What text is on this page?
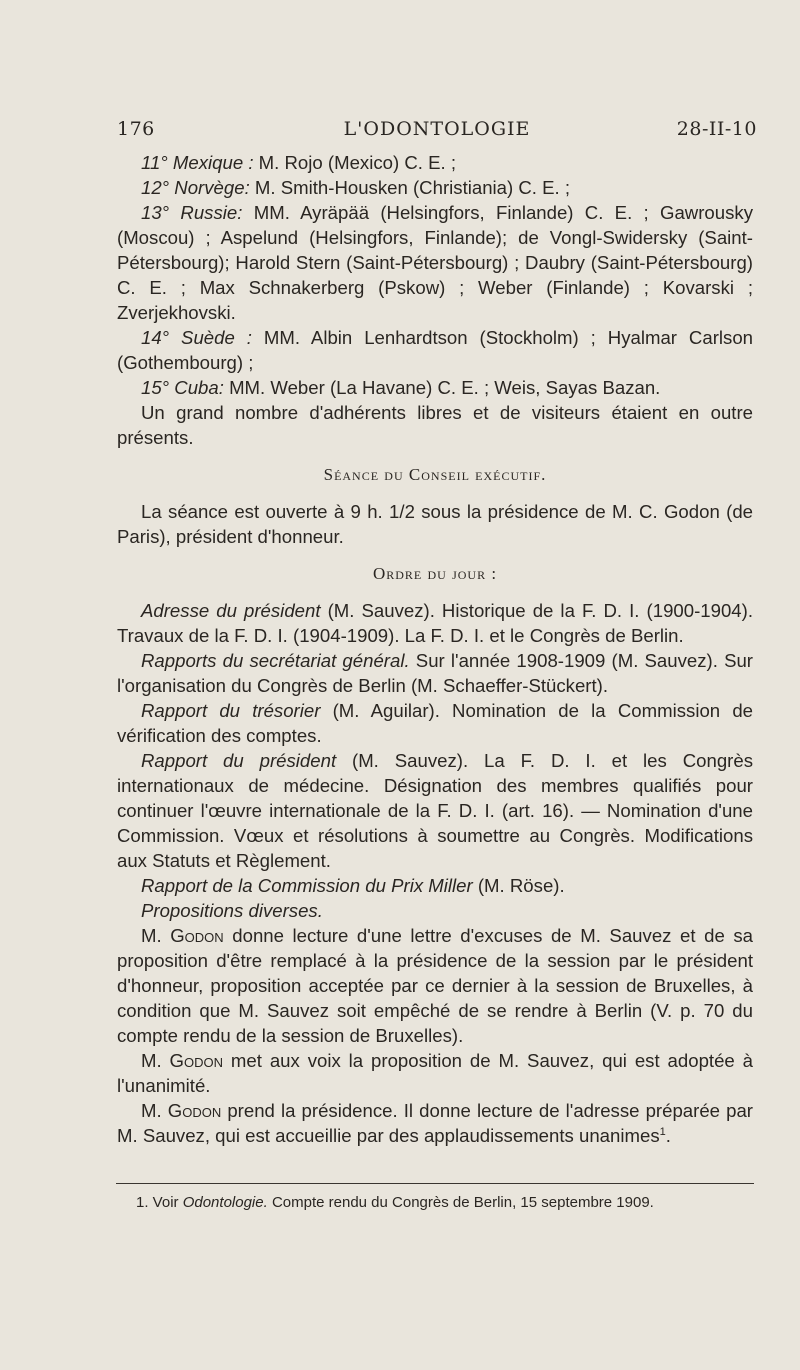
176	L'ODONTOLOGIE	28-II-10

11° Mexique : M. Rojo (Mexico) C. E. ;

12° Norvège: M. Smith-Housken (Christiania) C. E. ;

13° Russie: MM. Ayräpää (Helsingfors, Finlande) C. E. ; Gawrousky (Moscou) ; Aspelund (Helsingfors, Finlande); de Vongl-Swidersky (Saint-Pétersbourg); Harold Stern (Saint-Pétersbourg) ; Daubry (Saint-Pétersbourg) C. E. ; Max Schnakerberg (Pskow) ; Weber (Finlande) ; Kovarski ; Zverjekhovski.

14° Suède : MM. Albin Lenhardtson (Stockholm) ; Hyalmar Carlson (Gothembourg) ;

15° Cuba: MM. Weber (La Havane) C. E. ; Weis, Sayas Bazan.

Un grand nombre d'adhérents libres et de visiteurs étaient en outre présents.

Séance du Conseil exécutif.

La séance est ouverte à 9 h. 1/2 sous la présidence de M. C. Godon (de Paris), président d'honneur.

Ordre du jour :

Adresse du président (M. Sauvez). Historique de la F. D. I. (1900-1904). Travaux de la F. D. I. (1904-1909). La F. D. I. et le Congrès de Berlin.

Rapports du secrétariat général. Sur l'année 1908-1909 (M. Sauvez). Sur l'organisation du Congrès de Berlin (M. Schaeffer-Stückert).

Rapport du trésorier (M. Aguilar). Nomination de la Commission de vérification des comptes.

Rapport du président (M. Sauvez). La F. D. I. et les Congrès internationaux de médecine. Désignation des membres qualifiés pour continuer l'œuvre internationale de la F. D. I. (art. 16). — Nomination d'une Commission. Vœux et résolutions à soumettre au Congrès. Modifications aux Statuts et Règlement.

Rapport de la Commission du Prix Miller (M. Röse).

Propositions diverses.

M. Godon donne lecture d'une lettre d'excuses de M. Sauvez et de sa proposition d'être remplacé à la présidence de la session par le président d'honneur, proposition acceptée par ce dernier à la session de Bruxelles, à condition que M. Sauvez soit empêché de se rendre à Berlin (V. p. 70 du compte rendu de la session de Bruxelles).

M. Godon met aux voix la proposition de M. Sauvez, qui est adoptée à l'unanimité.

M. Godon prend la présidence. Il donne lecture de l'adresse préparée par M. Sauvez, qui est accueillie par des applaudissements unanimes$^1$.

1. Voir Odontologie. Compte rendu du Congrès de Berlin, 15 septembre 1909.
